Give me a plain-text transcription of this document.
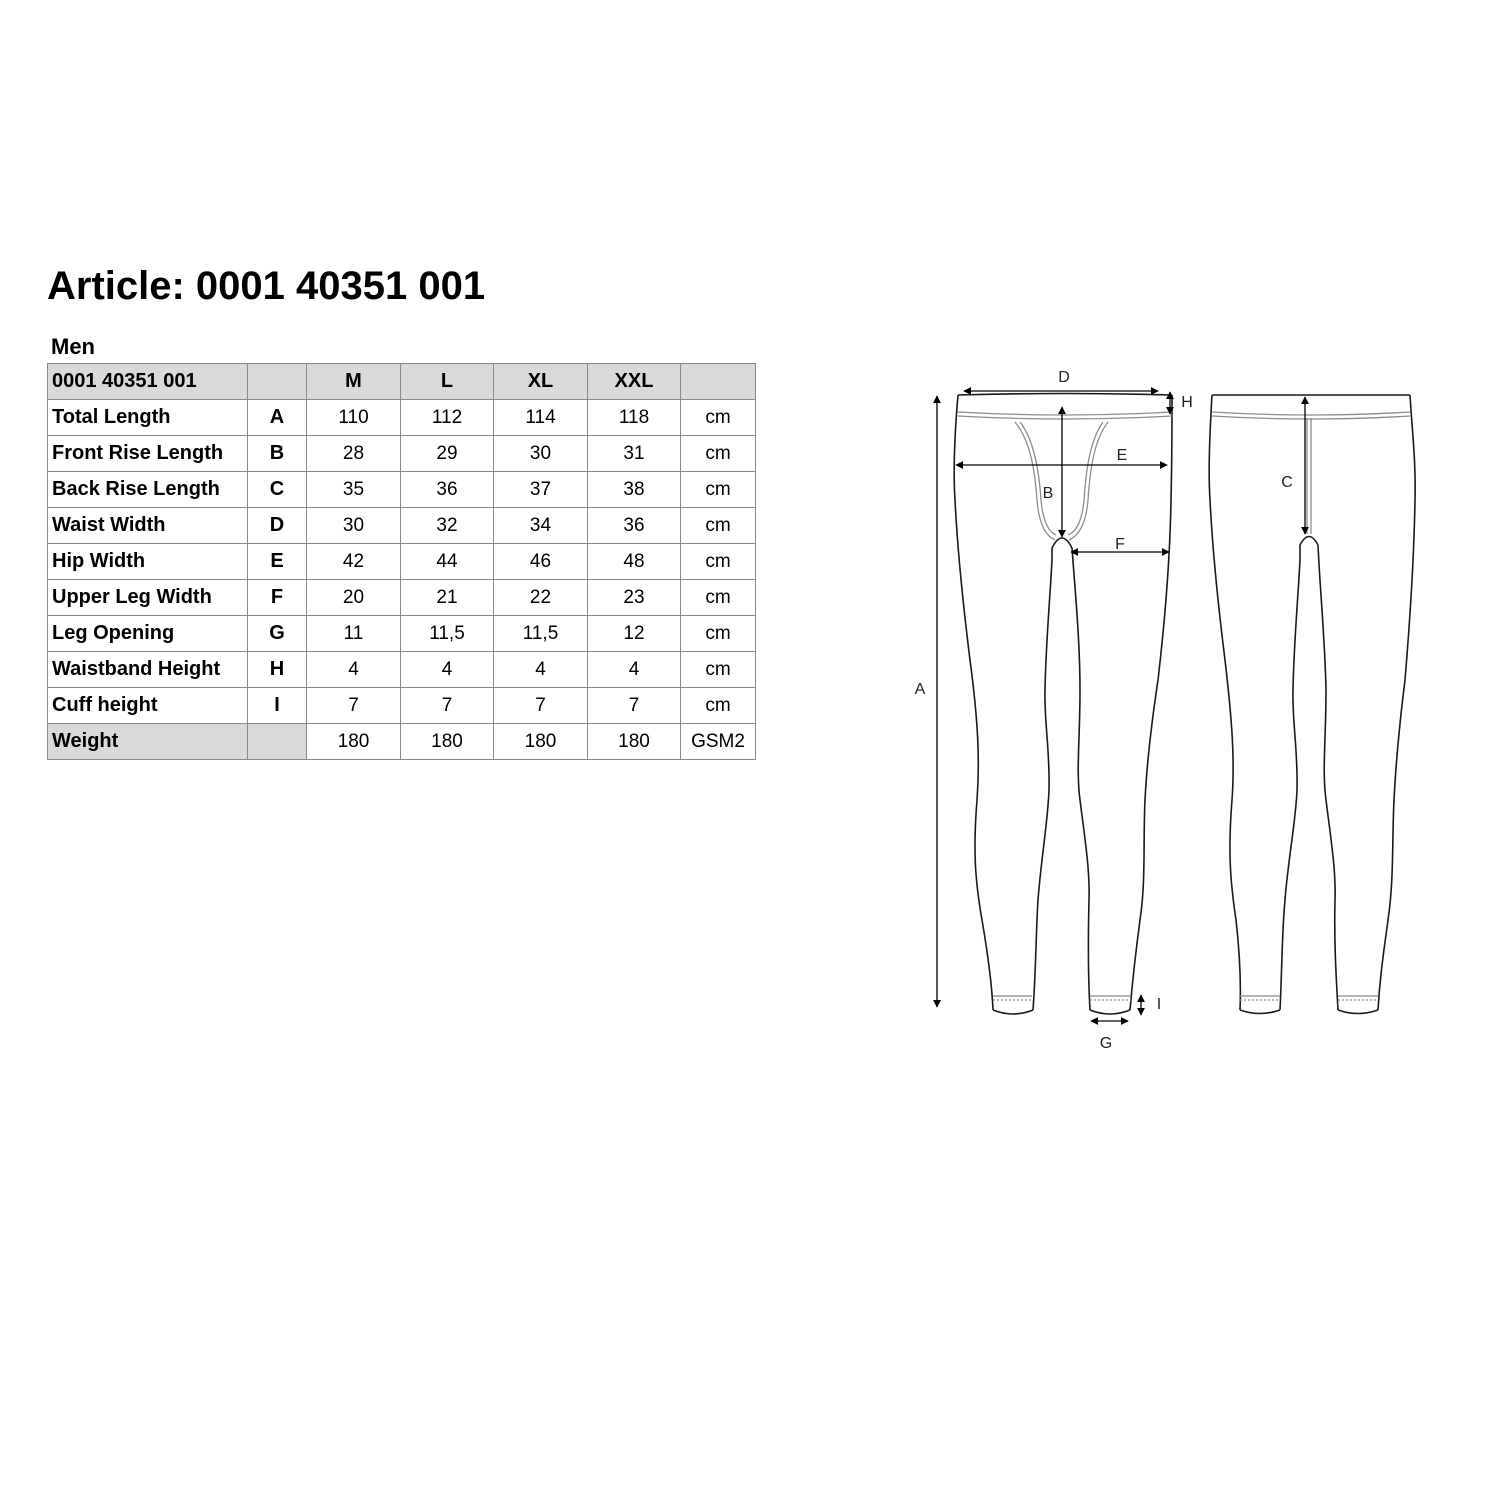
Article: 0001 40351 001
Men
0001 40351 001		M	L	XL	XXL	
Total Length	A	110	112	114	118	cm
Front Rise Length	B	28	29	30	31	cm
Back Rise Length	C	35	36	37	38	cm
Waist Width	D	30	32	34	36	cm
Hip Width	E	42	44	46	48	cm
Upper Leg Width	F	20	21	22	23	cm
Leg Opening	G	11	11,5	11,5	12	cm
Waistband Height	H	4	4	4	4	cm
Cuff height	I	7	7	7	7	cm
Weight		180	180	180	180	GSM2
A
D
H
B
E
F
I
G
C
